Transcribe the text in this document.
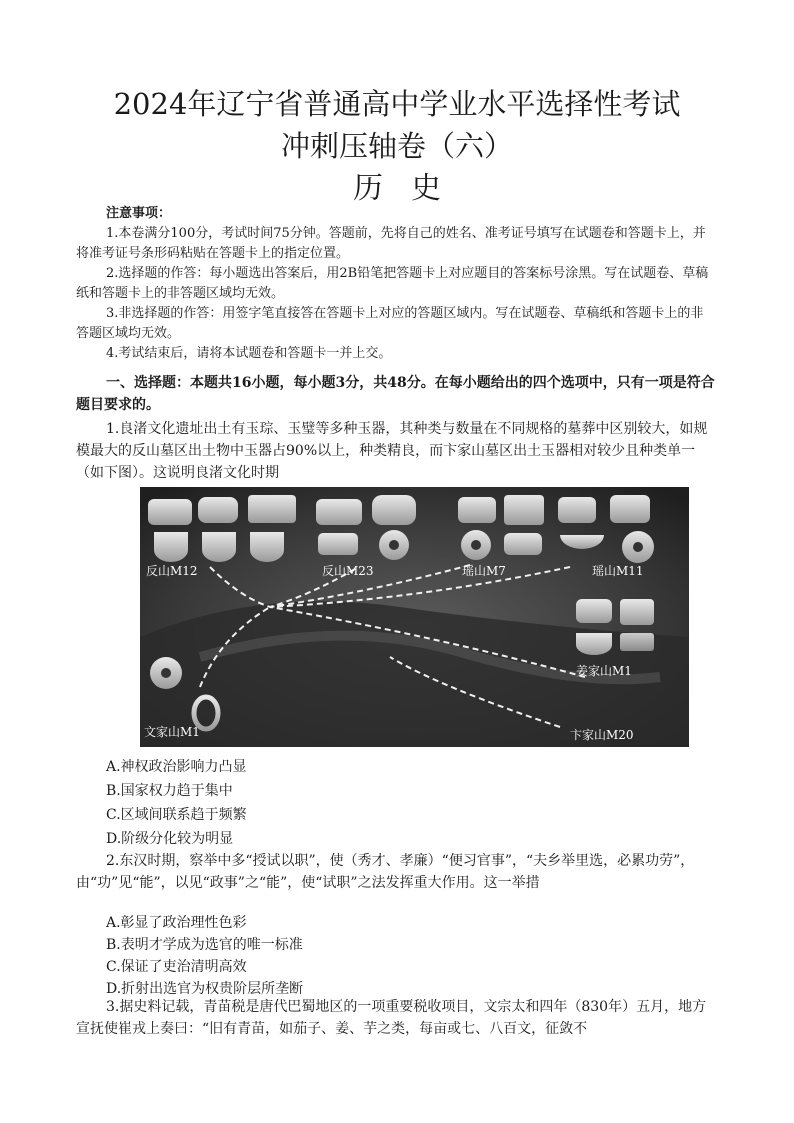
2024年辽宁省普通高中学业水平选择性考试
冲刺压轴卷（六）
历史
注意事项：

1.本卷满分100分，考试时间75分钟。答题前，先将自己的姓名、准考证号填写在试题卷和答题卡上，并将准考证号条形码粘贴在答题卡上的指定位置。

2.选择题的作答：每小题选出答案后，用2B铅笔把答题卡上对应题目的答案标号涂黑。写在试题卷、草稿纸和答题卡上的非答题区域均无效。

3.非选择题的作答：用签字笔直接答在答题卡上对应的答题区域内。写在试题卷、草稿纸和答题卡上的非答题区域均无效。

4.考试结束后，请将本试题卷和答题卡一并上交。

一、选择题：本题共16小题，每小题3分，共48分。在每小题给出的四个选项中，只有一项是符合题目要求的。

1.良渚文化遗址出土有玉琮、玉璧等多种玉器，其种类与数量在不同规格的墓葬中区别较大，如规模最大的反山墓区出土物中玉器占90%以上，种类精良，而卞家山墓区出土玉器相对较少且种类单一（如下图）。这说明良渚文化时期

反山M12	反山M23	瑶山M7	瑶山M11
姜家山M1
文家山M1	卞家山M20
A.神权政治影响力凸显
B.国家权力趋于集中
C.区域间联系趋于频繁
D.阶级分化较为明显

2.东汉时期，察举中多“授试以职”，使（秀才、孝廉）“便习官事”，“夫乡举里选，必累功劳”，由“功”见“能”，以见“政事”之“能”，使“试职”之法发挥重大作用。这一举措

A.彰显了政治理性色彩
B.表明才学成为选官的唯一标准
C.保证了吏治清明高效
D.折射出选官为权贵阶层所垄断

3.据史料记载，青苗税是唐代巴蜀地区的一项重要税收项目，文宗太和四年（830年）五月，地方宣抚使崔戎上奏曰：“旧有青苗，如茄子、姜、芋之类，每亩或七、八百文，征敛不
